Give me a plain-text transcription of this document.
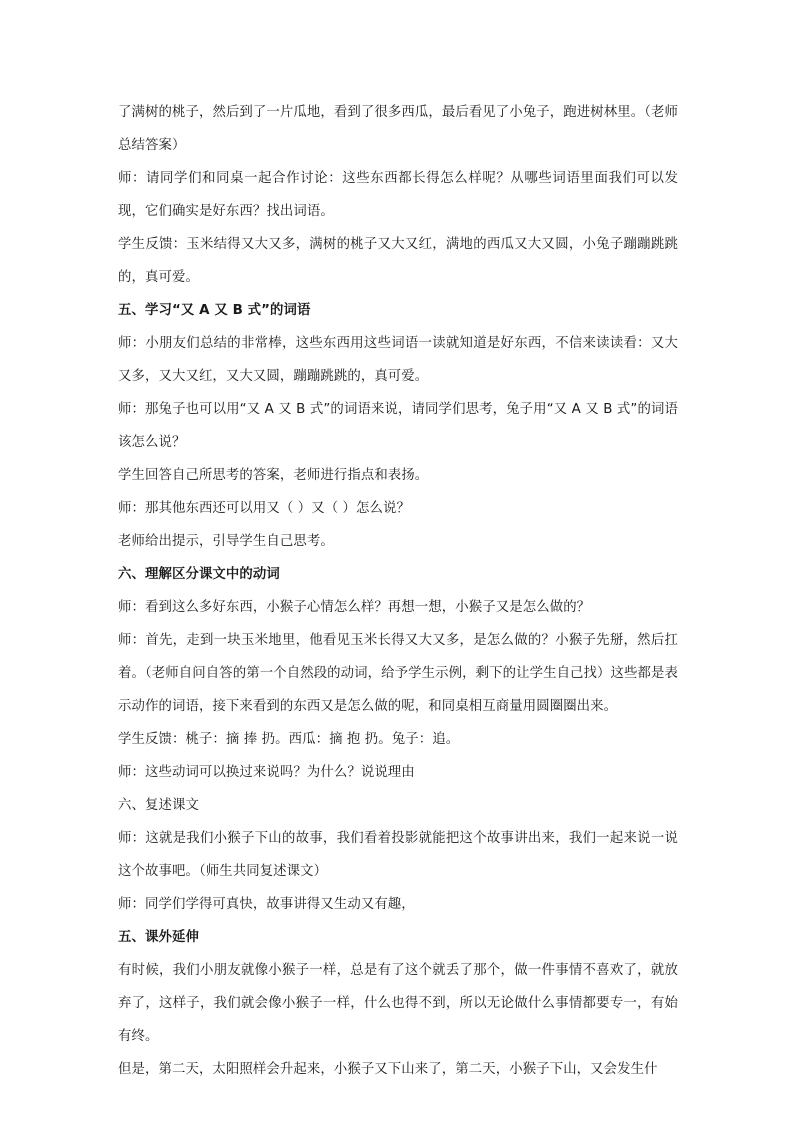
了满树的桃子，然后到了一片瓜地，看到了很多西瓜，最后看见了小兔子，跑进树林里。（老师总结答案）

师：请同学们和同桌一起合作讨论：这些东西都长得怎么样呢？从哪些词语里面我们可以发现，它们确实是好东西？找出词语。

学生反馈：玉米结得又大又多，满树的桃子又大又红，满地的西瓜又大又圆，小兔子蹦蹦跳跳的，真可爱。

五、学习“又 A 又 B 式”的词语

师：小朋友们总结的非常棒，这些东西用这些词语一读就知道是好东西，不信来读读看：又大又多，又大又红，又大又圆，蹦蹦跳跳的，真可爱。

师：那兔子也可以用“又 A 又 B 式”的词语来说，请同学们思考，兔子用“又 A 又 B 式”的词语该怎么说？

学生回答自己所思考的答案，老师进行指点和表扬。

师：那其他东西还可以用又（ ）又（ ）怎么说？

老师给出提示，引导学生自己思考。

六、理解区分课文中的动词

师：看到这么多好东西，小猴子心情怎么样？再想一想，小猴子又是怎么做的？

师：首先，走到一块玉米地里，他看见玉米长得又大又多，是怎么做的？小猴子先掰，然后扛着。（老师自问自答的第一个自然段的动词，给予学生示例，剩下的让学生自己找）这些都是表示动作的词语，接下来看到的东西又是怎么做的呢，和同桌相互商量用圆圈圈出来。

学生反馈：桃子：摘 捧 扔。西瓜：摘 抱 扔。兔子：追。

师：这些动词可以换过来说吗？为什么？说说理由

六、复述课文

师：这就是我们小猴子下山的故事，我们看着投影就能把这个故事讲出来，我们一起来说一说这个故事吧。（师生共同复述课文）

师：同学们学得可真快，故事讲得又生动又有趣，

五、课外延伸

有时候，我们小朋友就像小猴子一样，总是有了这个就丢了那个，做一件事情不喜欢了，就放弃了，这样子，我们就会像小猴子一样，什么也得不到，所以无论做什么事情都要专一，有始有终。

但是，第二天，太阳照样会升起来，小猴子又下山来了，第二天，小猴子下山，又会发生什
